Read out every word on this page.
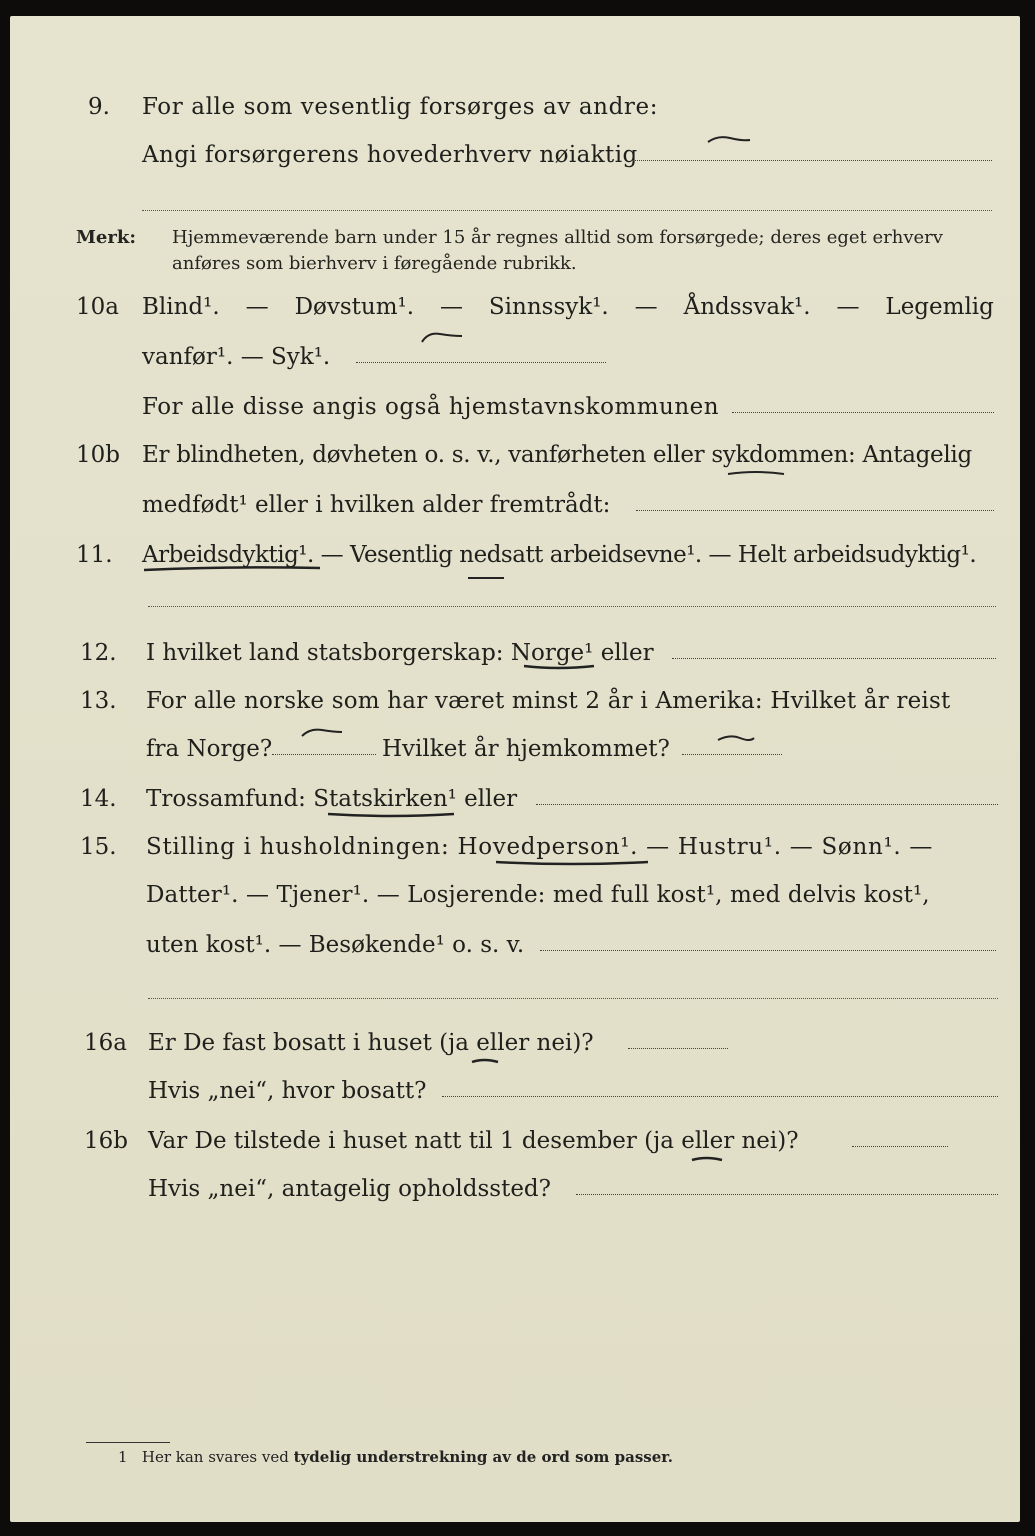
9. For alle som vesentlig forsørges av andre:
Angi forsørgerens hovederhverv nøiaktig
Merk: Hjemmeværende barn under 15 år regnes alltid som forsørgede; deres eget erhverv
anføres som bierhverv i føregående rubrikk.
10a Blind¹. — Døvstum¹. — Sinnssyk¹. — Åndssvak¹. — Legemlig
vanfør¹. — Syk¹.
For alle disse angis også hjemstavnskommunen
10b Er blindheten, døvheten o. s. v., vanførheten eller sykdommen: Antagelig
medfødt¹ eller i hvilken alder fremtrådt:
11. Arbeidsdyktig¹. — Vesentlig nedsatt arbeidsevne¹. — Helt arbeidsudyktig¹.
12. I hvilket land statsborgerskap: Norge¹ eller
13. For alle norske som har været minst 2 år i Amerika: Hvilket år reist
fra Norge?	Hvilket år hjemkommet?
14. Trossamfund: Statskirken¹ eller
15. Stilling i husholdningen: Hovedperson¹. — Hustru¹. — Sønn¹. —
Datter¹. — Tjener¹. — Losjerende: med full kost¹, med delvis kost¹,
uten kost¹. — Besøkende¹ o. s. v.
16a Er De fast bosatt i huset (ja eller nei)?
Hvis „nei“, hvor bosatt?
16b Var De tilstede i huset natt til 1 desember (ja eller nei)?
Hvis „nei“, antagelig opholdssted?
1 Her kan svares ved tydelig understrekning av de ord som passer.
